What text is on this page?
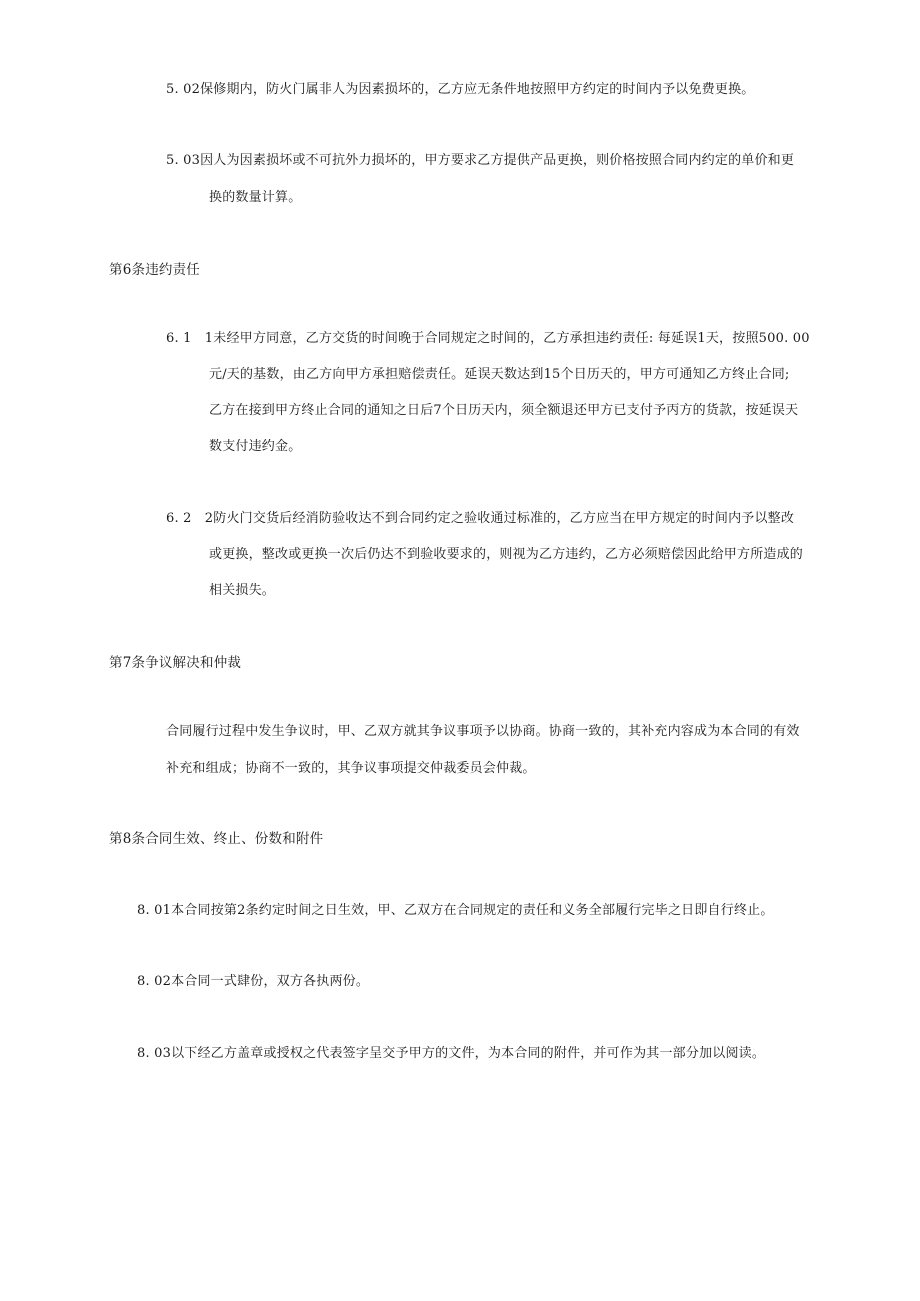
5. 02保修期内，防火门属非人为因素损坏的，乙方应无条件地按照甲方约定的时间内予以免费更换。
5. 03因人为因素损坏或不可抗外力损坏的，甲方要求乙方提供产品更换，则价格按照合同内约定的单价和更
换的数量计算。
第6条违约责任
6. 1　1未经甲方同意，乙方交货的时间晚于合同规定之时间的，乙方承担违约责任: 每延误1天，按照500. 00
元/天的基数，由乙方向甲方承担赔偿责任。延误天数达到15个日历天的，甲方可通知乙方终止合同;
乙方在接到甲方终止合同的通知之日后7个日历天内，须全额退还甲方已支付予丙方的货款，按延误天
数支付违约金。
6. 2　2防火门交货后经消防验收达不到合同约定之验收通过标准的，乙方应当在甲方规定的时间内予以整改
或更换，整改或更换一次后仍达不到验收要求的，则视为乙方违约，乙方必须赔偿因此给甲方所造成的
相关损失。
第7条争议解决和仲裁
合同履行过程中发生争议时，甲、乙双方就其争议事项予以协商。协商一致的，其补充内容成为本合同的有效
补充和组成；协商不一致的，其争议事项提交仲裁委员会仲裁。
第8条合同生效、终止、份数和附件
8. 01本合同按第2条约定时间之日生效，甲、乙双方在合同规定的责任和义务全部履行完毕之日即自行终止。
8. 02本合同一式肆份，双方各执两份。
8. 03以下经乙方盖章或授权之代表签字呈交予甲方的文件，为本合同的附件，并可作为其一部分加以阅读。
